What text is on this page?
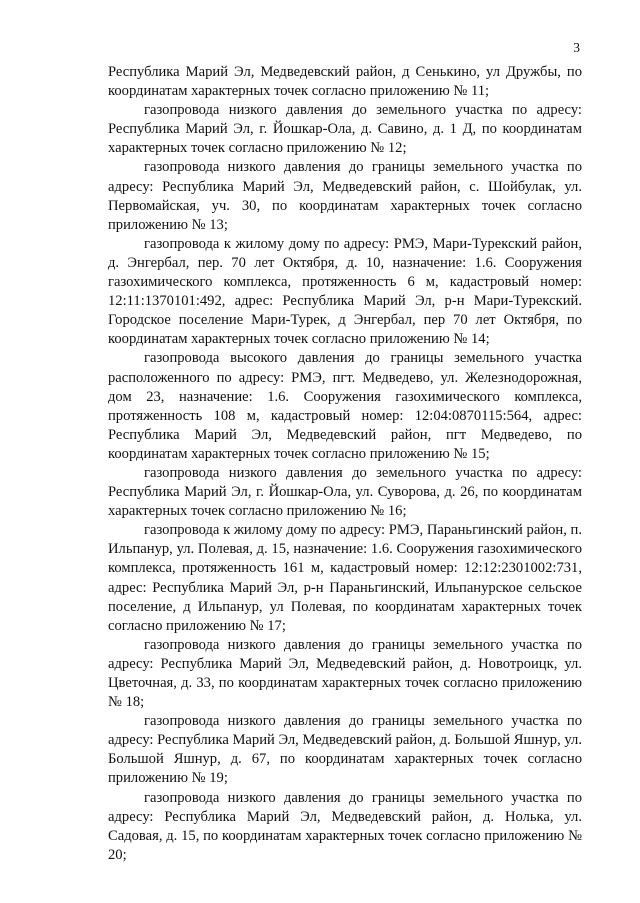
3

Республика Марий Эл, Медведевский район, д Сенькино, ул Дружбы, по координатам характерных точек согласно приложению № 11;

газопровода низкого давления до земельного участка по адресу: Республика Марий Эл, г. Йошкар-Ола, д. Савино, д. 1 Д, по координатам характерных точек согласно приложению № 12;

газопровода низкого давления до границы земельного участка по адресу: Республика Марий Эл, Медведевский район, с. Шойбулак, ул. Первомайская, уч. 30, по координатам характерных точек согласно приложению № 13;

газопровода к жилому дому по адресу: РМЭ, Мари-Турекский район, д. Энгербал, пер. 70 лет Октября, д. 10, назначение: 1.6. Сооружения газохимического комплекса, протяженность 6 м, кадастровый номер: 12:11:1370101:492, адрес: Республика Марий Эл, р-н Мари-Турекский. Городское поселение Мари-Турек, д Энгербал, пер 70 лет Октября, по координатам характерных точек согласно приложению № 14;

газопровода высокого давления до границы земельного участка расположенного по адресу: РМЭ, пгт. Медведево, ул. Железнодорожная, дом 23, назначение: 1.6. Сооружения газохимического комплекса, протяженность 108 м, кадастровый номер: 12:04:0870115:564, адрес: Республика Марий Эл, Медведевский район, пгт Медведево, по координатам характерных точек согласно приложению № 15;

газопровода низкого давления до земельного участка по адресу: Республика Марий Эл, г. Йошкар-Ола, ул. Суворова, д. 26, по координатам характерных точек согласно приложению № 16;

газопровода к жилому дому по адресу: РМЭ, Параньгинский район, п. Ильпанур, ул. Полевая, д. 15, назначение: 1.6. Сооружения газохимического комплекса, протяженность 161 м, кадастровый номер: 12:12:2301002:731, адрес: Республика Марий Эл, р-н Параньгинский, Ильпанурское сельское поселение, д Ильпанур, ул Полевая, по координатам характерных точек согласно приложению № 17;

газопровода низкого давления до границы земельного участка по адресу: Республика Марий Эл, Медведевский район, д. Новотроицк, ул. Цветочная, д. 33, по координатам характерных точек согласно приложению № 18;

газопровода низкого давления до границы земельного участка по адресу: Республика Марий Эл, Медведевский район, д. Большой Яшнур, ул. Большой Яшнур, д. 67, по координатам характерных точек согласно приложению № 19;

газопровода низкого давления до границы земельного участка по адресу: Республика Марий Эл, Медведевский район, д. Нолька, ул. Садовая, д. 15, по координатам характерных точек согласно приложению № 20;
